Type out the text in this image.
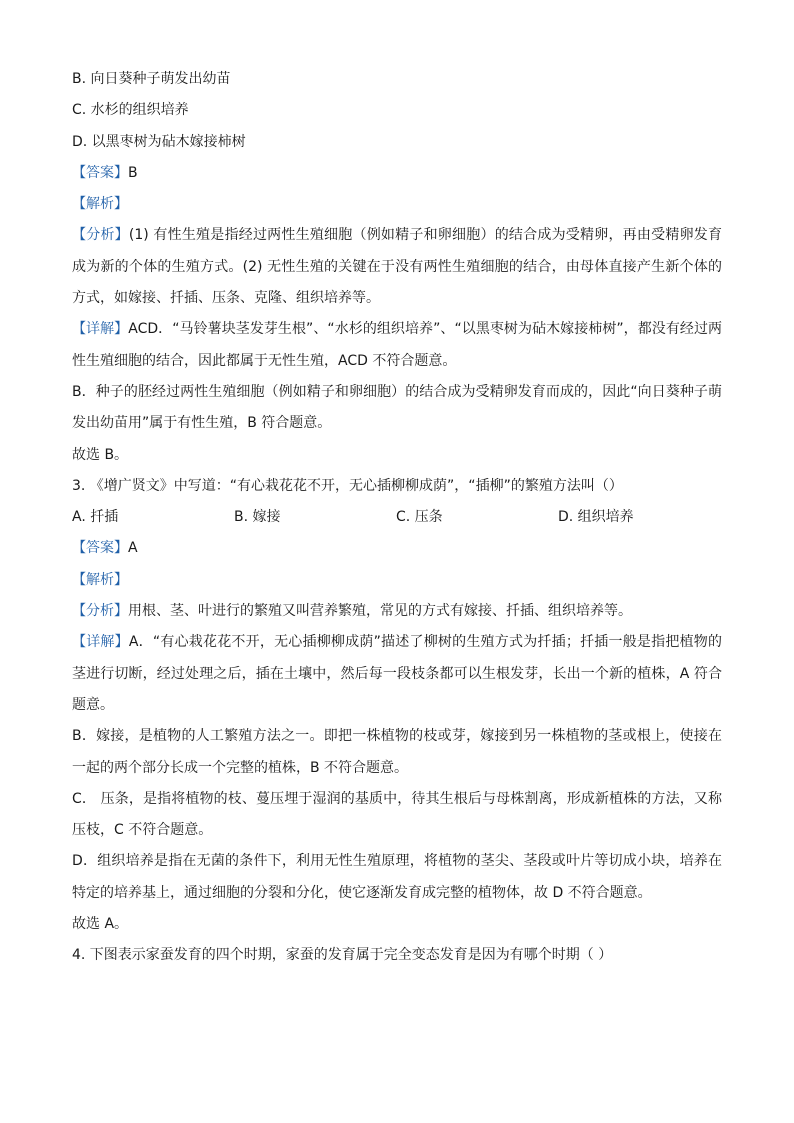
B. 向日葵种子萌发出幼苗
C. 水杉的组织培养
D. 以黑枣树为砧木嫁接柿树
【答案】B
【解析】
【分析】(1) 有性生殖是指经过两性生殖细胞（例如精子和卵细胞）的结合成为受精卵，再由受精卵发育成为新的个体的生殖方式。(2) 无性生殖的关键在于没有两性生殖细胞的结合，由母体直接产生新个体的方式，如嫁接、扦插、压条、克隆、组织培养等。
【详解】ACD．“马铃薯块茎发芽生根”、“水杉的组织培养”、“以黑枣树为砧木嫁接柿树”，都没有经过两性生殖细胞的结合，因此都属于无性生殖，ACD 不符合题意。
B．种子的胚经过两性生殖细胞（例如精子和卵细胞）的结合成为受精卵发育而成的，因此“向日葵种子萌发出幼苗用”属于有性生殖，B 符合题意。
故选 B。
3. 《增广贤文》中写道：“有心栽花花不开，无心插柳柳成荫”，“插柳”的繁殖方法叫（）
A. 扦插	B. 嫁接	C. 压条	D. 组织培养
【答案】A
【解析】
【分析】用根、茎、叶进行的繁殖又叫营养繁殖，常见的方式有嫁接、扦插、组织培养等。
【详解】A．“有心栽花花不开，无心插柳柳成荫”描述了柳树的生殖方式为扦插；扦插一般是指把植物的茎进行切断，经过处理之后，插在土壤中，然后每一段枝条都可以生根发芽，长出一个新的植株，A 符合题意。
B．嫁接，是植物的人工繁殖方法之一。即把一株植物的枝或芽，嫁接到另一株植物的茎或根上，使接在一起的两个部分长成一个完整的植株，B 不符合题意。
C． 压条，是指将植物的枝、蔓压埋于湿润的基质中，待其生根后与母株割离，形成新植株的方法，又称压枝，C 不符合题意。
D．组织培养是指在无菌的条件下，利用无性生殖原理，将植物的茎尖、茎段或叶片等切成小块，培养在特定的培养基上，通过细胞的分裂和分化，使它逐渐发育成完整的植物体，故 D 不符合题意。
故选 A。
4. 下图表示家蚕发育的四个时期，家蚕的发育属于完全变态发育是因为有哪个时期（ ）
